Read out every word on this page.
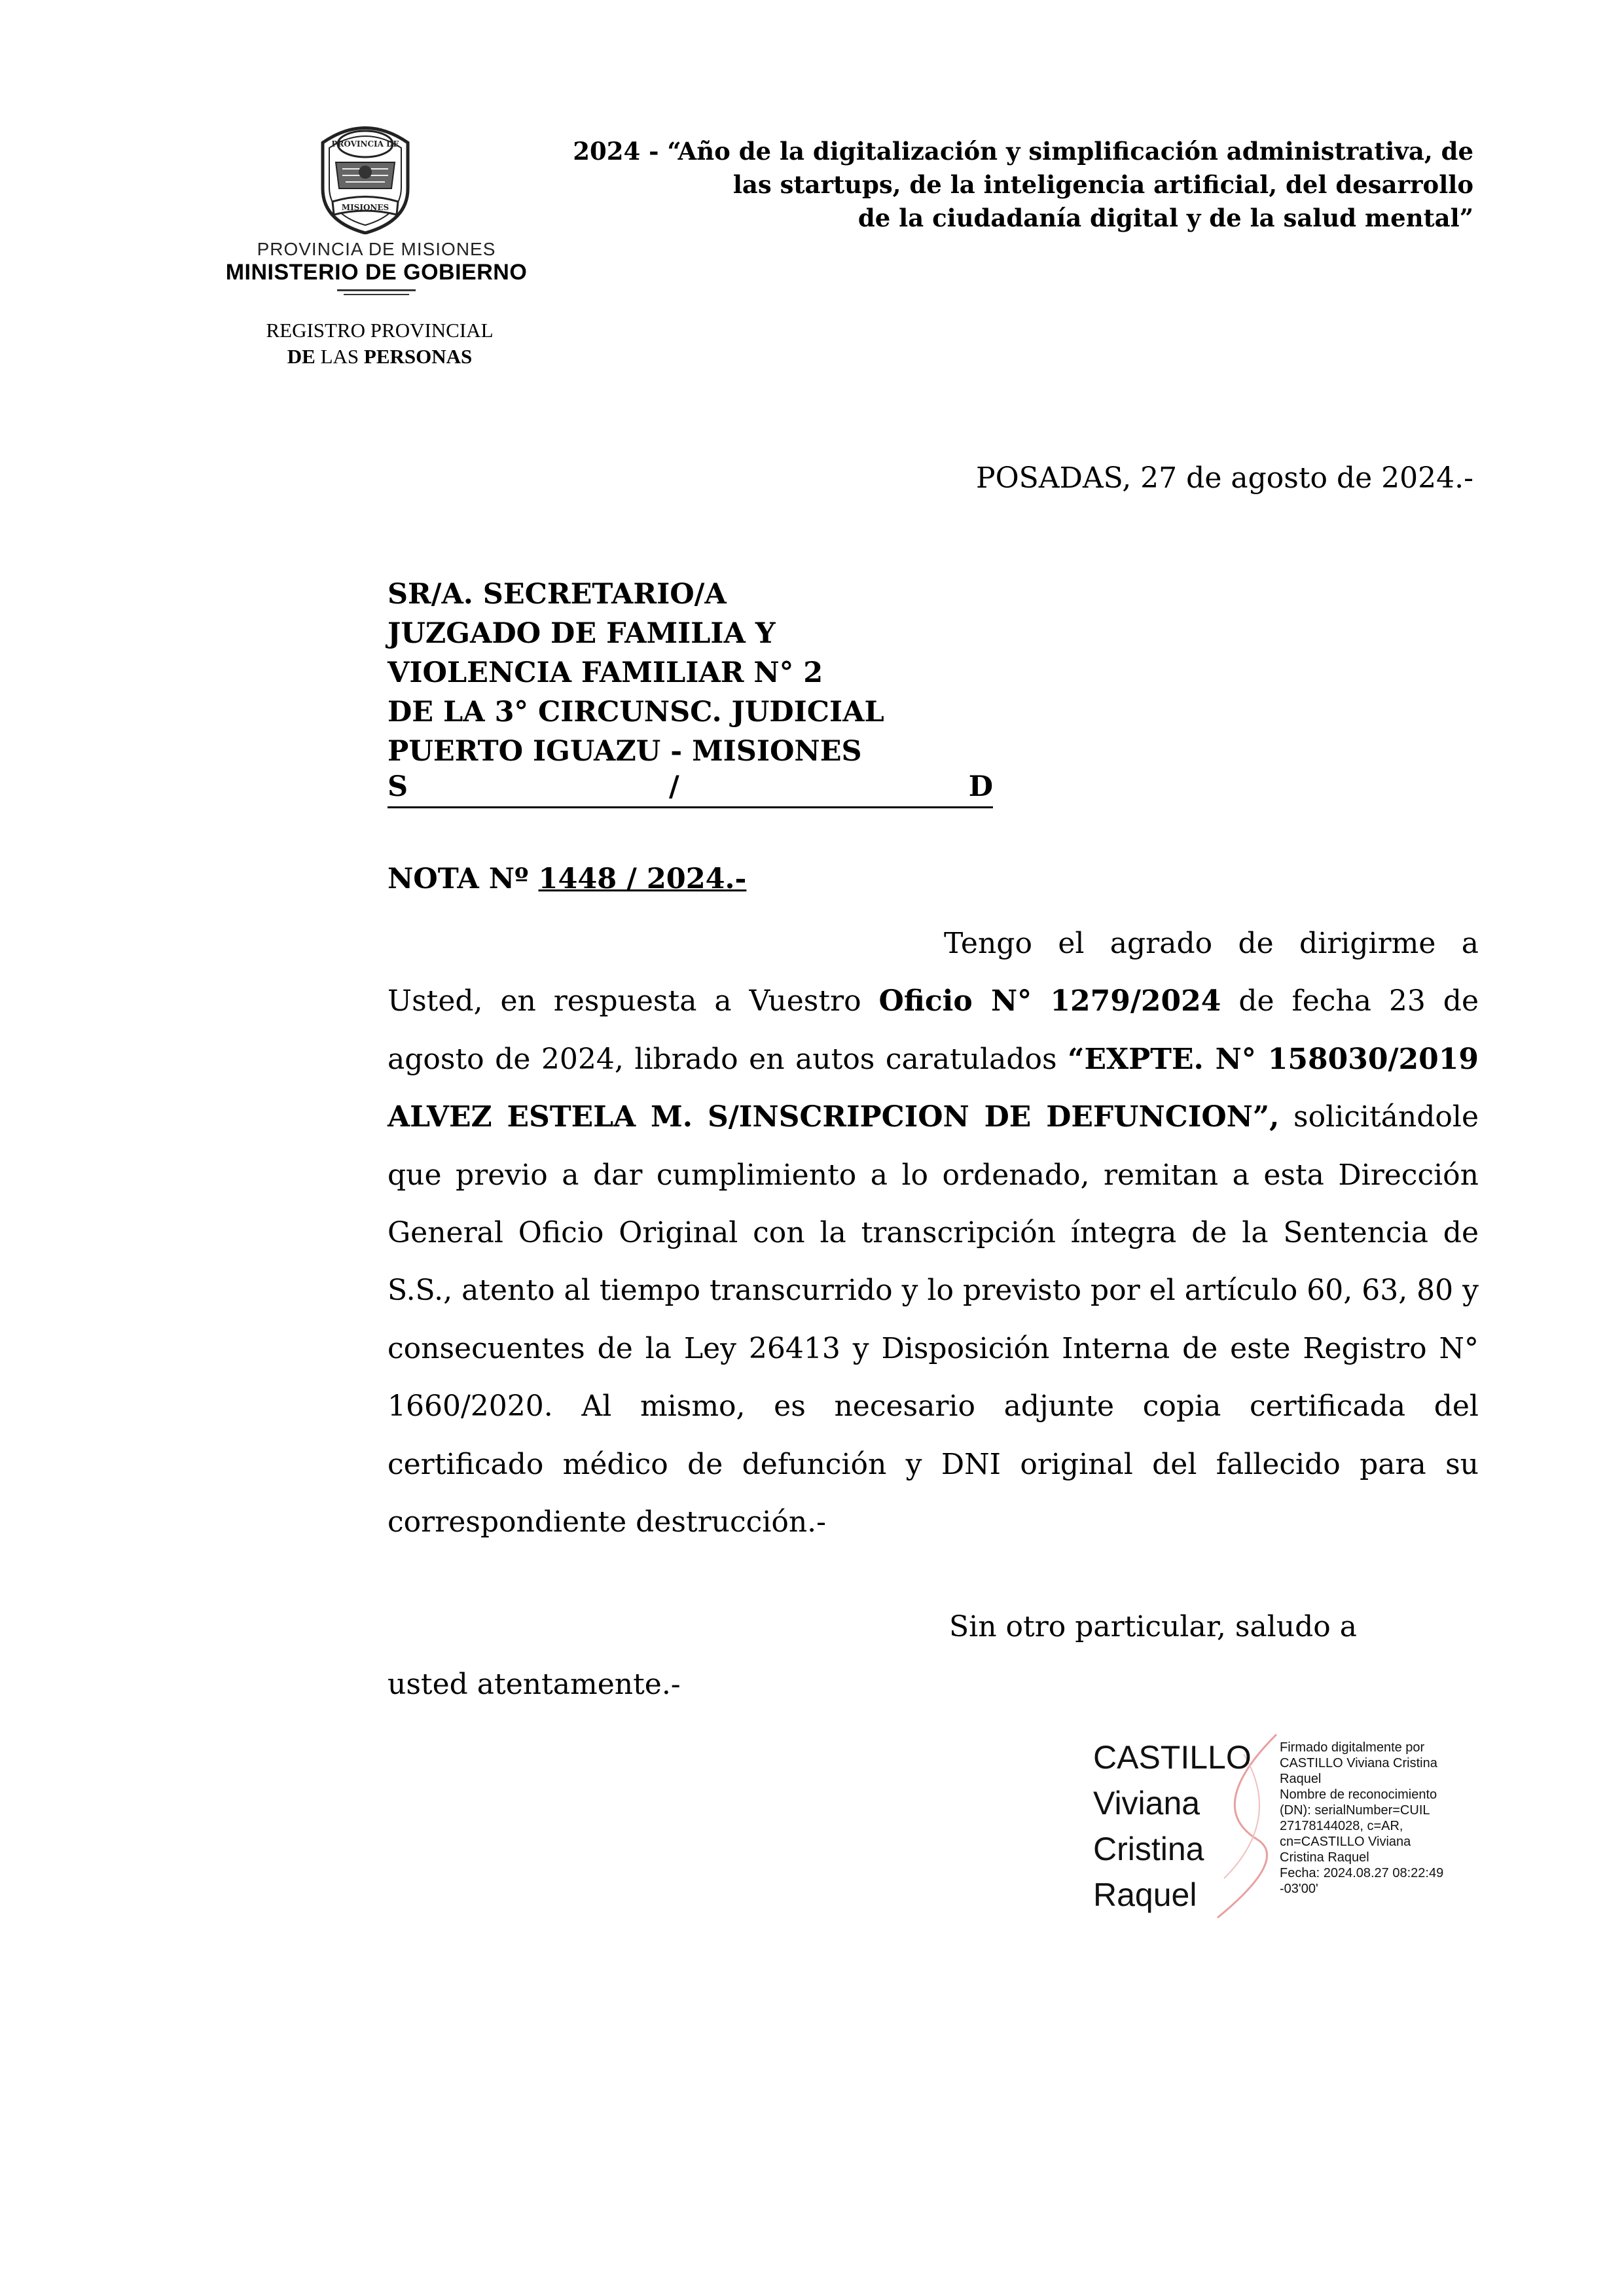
PROVINCIA DE
MISIONES
PROVINCIA DE MISIONES
MINISTERIO DE GOBIERNO
REGISTRO PROVINCIAL
DE LAS PERSONAS
2024 - “Año de la digitalización y simplificación administrativa, de
las startups, de la inteligencia artificial, del desarrollo
de la ciudadanía digital y de la salud mental”
POSADAS, 27 de agosto de 2024.-
SR/A. SECRETARIO/A
JUZGADO DE FAMILIA Y
VIOLENCIA FAMILIAR N° 2
DE LA 3° CIRCUNSC. JUDICIAL
PUERTO IGUAZU - MISIONES
S	/	D
NOTA Nº 1448 / 2024.-
Tengo el agrado de dirigirme a Usted, en respuesta a Vuestro Oficio N° 1279/2024 de fecha 23 de agosto de 2024, librado en autos caratulados “EXPTE. N° 158030/2019 ALVEZ ESTELA M. S/INSCRIPCION DE DEFUNCION”, solicitándole que previo a dar cumplimiento a lo ordenado, remitan a esta Dirección General Oficio Original con la transcripción íntegra de la Sentencia de S.S., atento al tiempo transcurrido y lo previsto por el artículo 60, 63, 80 y consecuentes de la Ley 26413 y Disposición Interna de este Registro N° 1660/2020. Al mismo, es necesario adjunte copia certificada del certificado médico de defunción y DNI original del fallecido para su correspondiente destrucción.-
Sin otro particular, saludo a
usted atentamente.-
CASTILLO
Viviana
Cristina
Raquel
Firmado digitalmente por
CASTILLO Viviana Cristina
Raquel
Nombre de reconocimiento
(DN): serialNumber=CUIL
27178144028, c=AR,
cn=CASTILLO Viviana
Cristina Raquel
Fecha: 2024.08.27 08:22:49
-03'00'
